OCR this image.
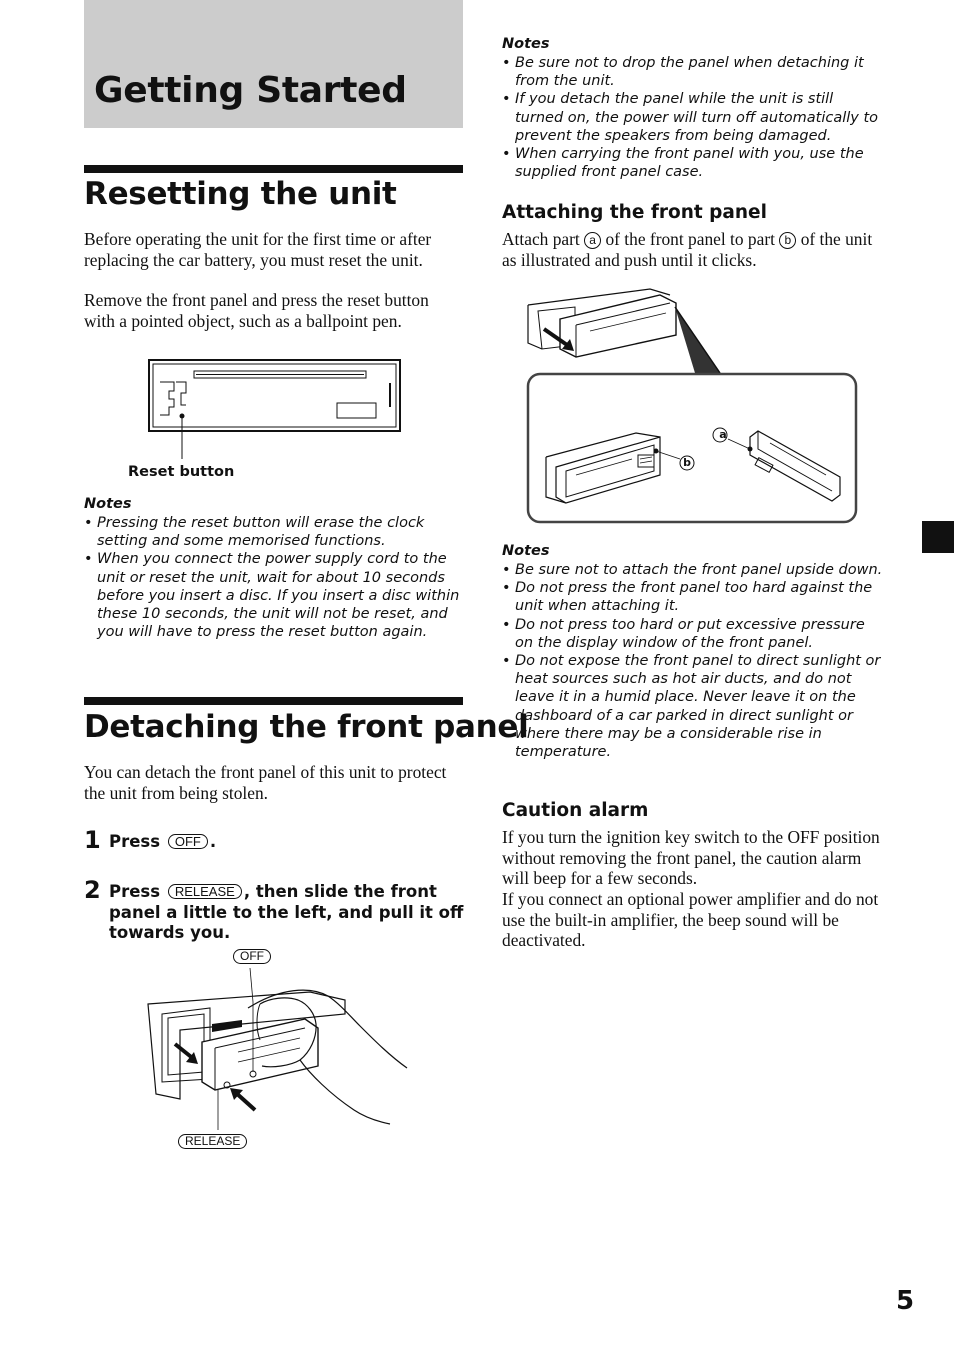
Getting Started
Resetting the unit
Before operating the unit for the first time or after replacing the car battery, you must reset the unit.
Remove the front panel and press the reset button with a pointed object, such as a ballpoint pen.
Reset button
Notes
• Pressing the reset button will erase the clock setting and some memorised functions.
• When you connect the power supply cord to the unit or reset the unit, wait for about 10 seconds before you insert a disc. If you insert a disc within these 10 seconds, the unit will not be reset, and you will have to press the reset button again.
Detaching the front panel
You can detach the front panel of this unit to protect the unit from being stolen.
1 Press OFF .
2 Press RELEASE , then slide the front panel a little to the left, and pull it off towards you.
OFF
RELEASE
Notes
• Be sure not to drop the panel when detaching it from the unit.
• If you detach the panel while the unit is still turned on, the power will turn off automatically to prevent the speakers from being damaged.
• When carrying the front panel with you, use the supplied front panel case.
Attaching the front panel
Attach part a of the front panel to part b of the unit as illustrated and push until it clicks.
a
b
Notes
• Be sure not to attach the front panel upside down.
• Do not press the front panel too hard against the unit when attaching it.
• Do not press too hard or put excessive pressure on the display window of the front panel.
• Do not expose the front panel to direct sunlight or heat sources such as hot air ducts, and do not leave it in a humid place. Never leave it on the dashboard of a car parked in direct sunlight or where there may be a considerable rise in temperature.
Caution alarm
If you turn the ignition key switch to the OFF position without removing the front panel, the caution alarm will beep for a few seconds.
If you connect an optional power amplifier and do not use the built-in amplifier, the beep sound will be deactivated.
5
